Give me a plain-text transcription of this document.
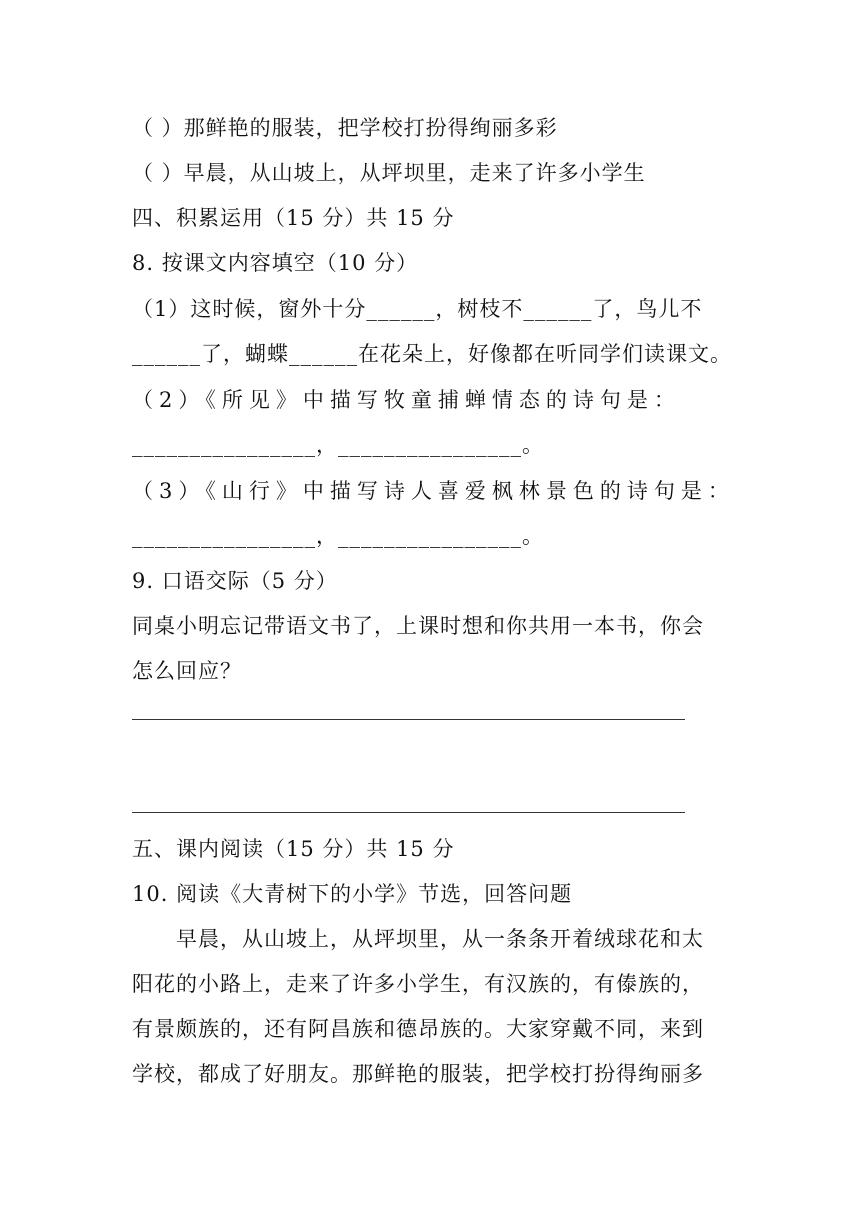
（ ）那鲜艳的服装，把学校打扮得绚丽多彩
（ ）早晨，从山坡上，从坪坝里，走来了许多小学生
四、积累运用（15 分）共 15 分
8. 按课文内容填空（10 分）
（1）这时候，窗外十分______，树枝不______了，鸟儿不
______了，蝴蝶______在花朵上，好像都在听同学们读课文。
（2）《所见》中描写牧童捕蝉情态的诗句是：
________________，________________。
（3）《山行》中描写诗人喜爱枫林景色的诗句是：
________________，________________。
9. 口语交际（5 分）
同桌小明忘记带语文书了，上课时想和你共用一本书，你会
怎么回应？
五、课内阅读（15 分）共 15 分
10. 阅读《大青树下的小学》节选，回答问题
　　早晨，从山坡上，从坪坝里，从一条条开着绒球花和太
阳花的小路上，走来了许多小学生，有汉族的，有傣族的，
有景颇族的，还有阿昌族和德昂族的。大家穿戴不同，来到
学校，都成了好朋友。那鲜艳的服装，把学校打扮得绚丽多
